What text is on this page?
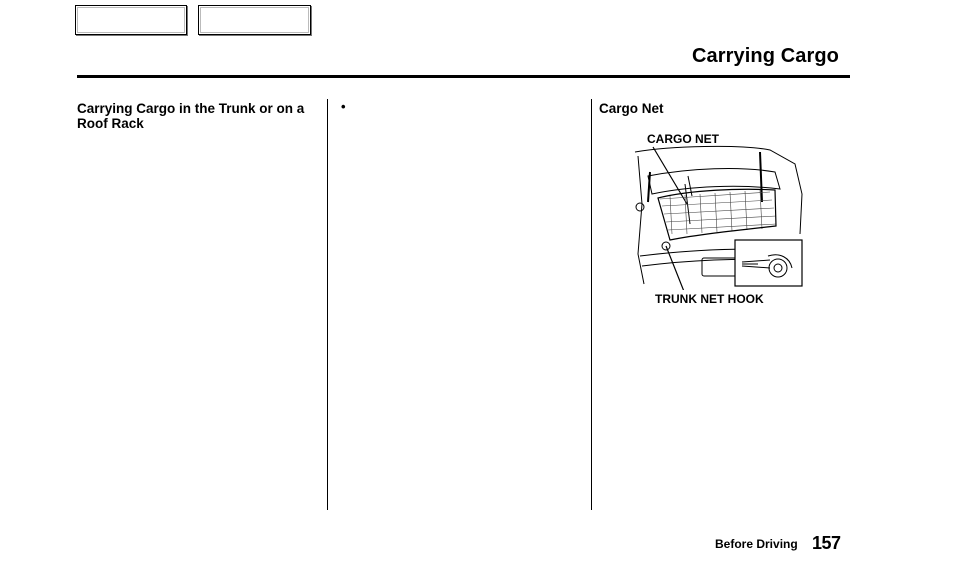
Carrying Cargo
Carrying Cargo in the Trunk or on a Roof Rack
•	Cargo Net
CARGO NET
TRUNK NET HOOK
Before Driving 157
